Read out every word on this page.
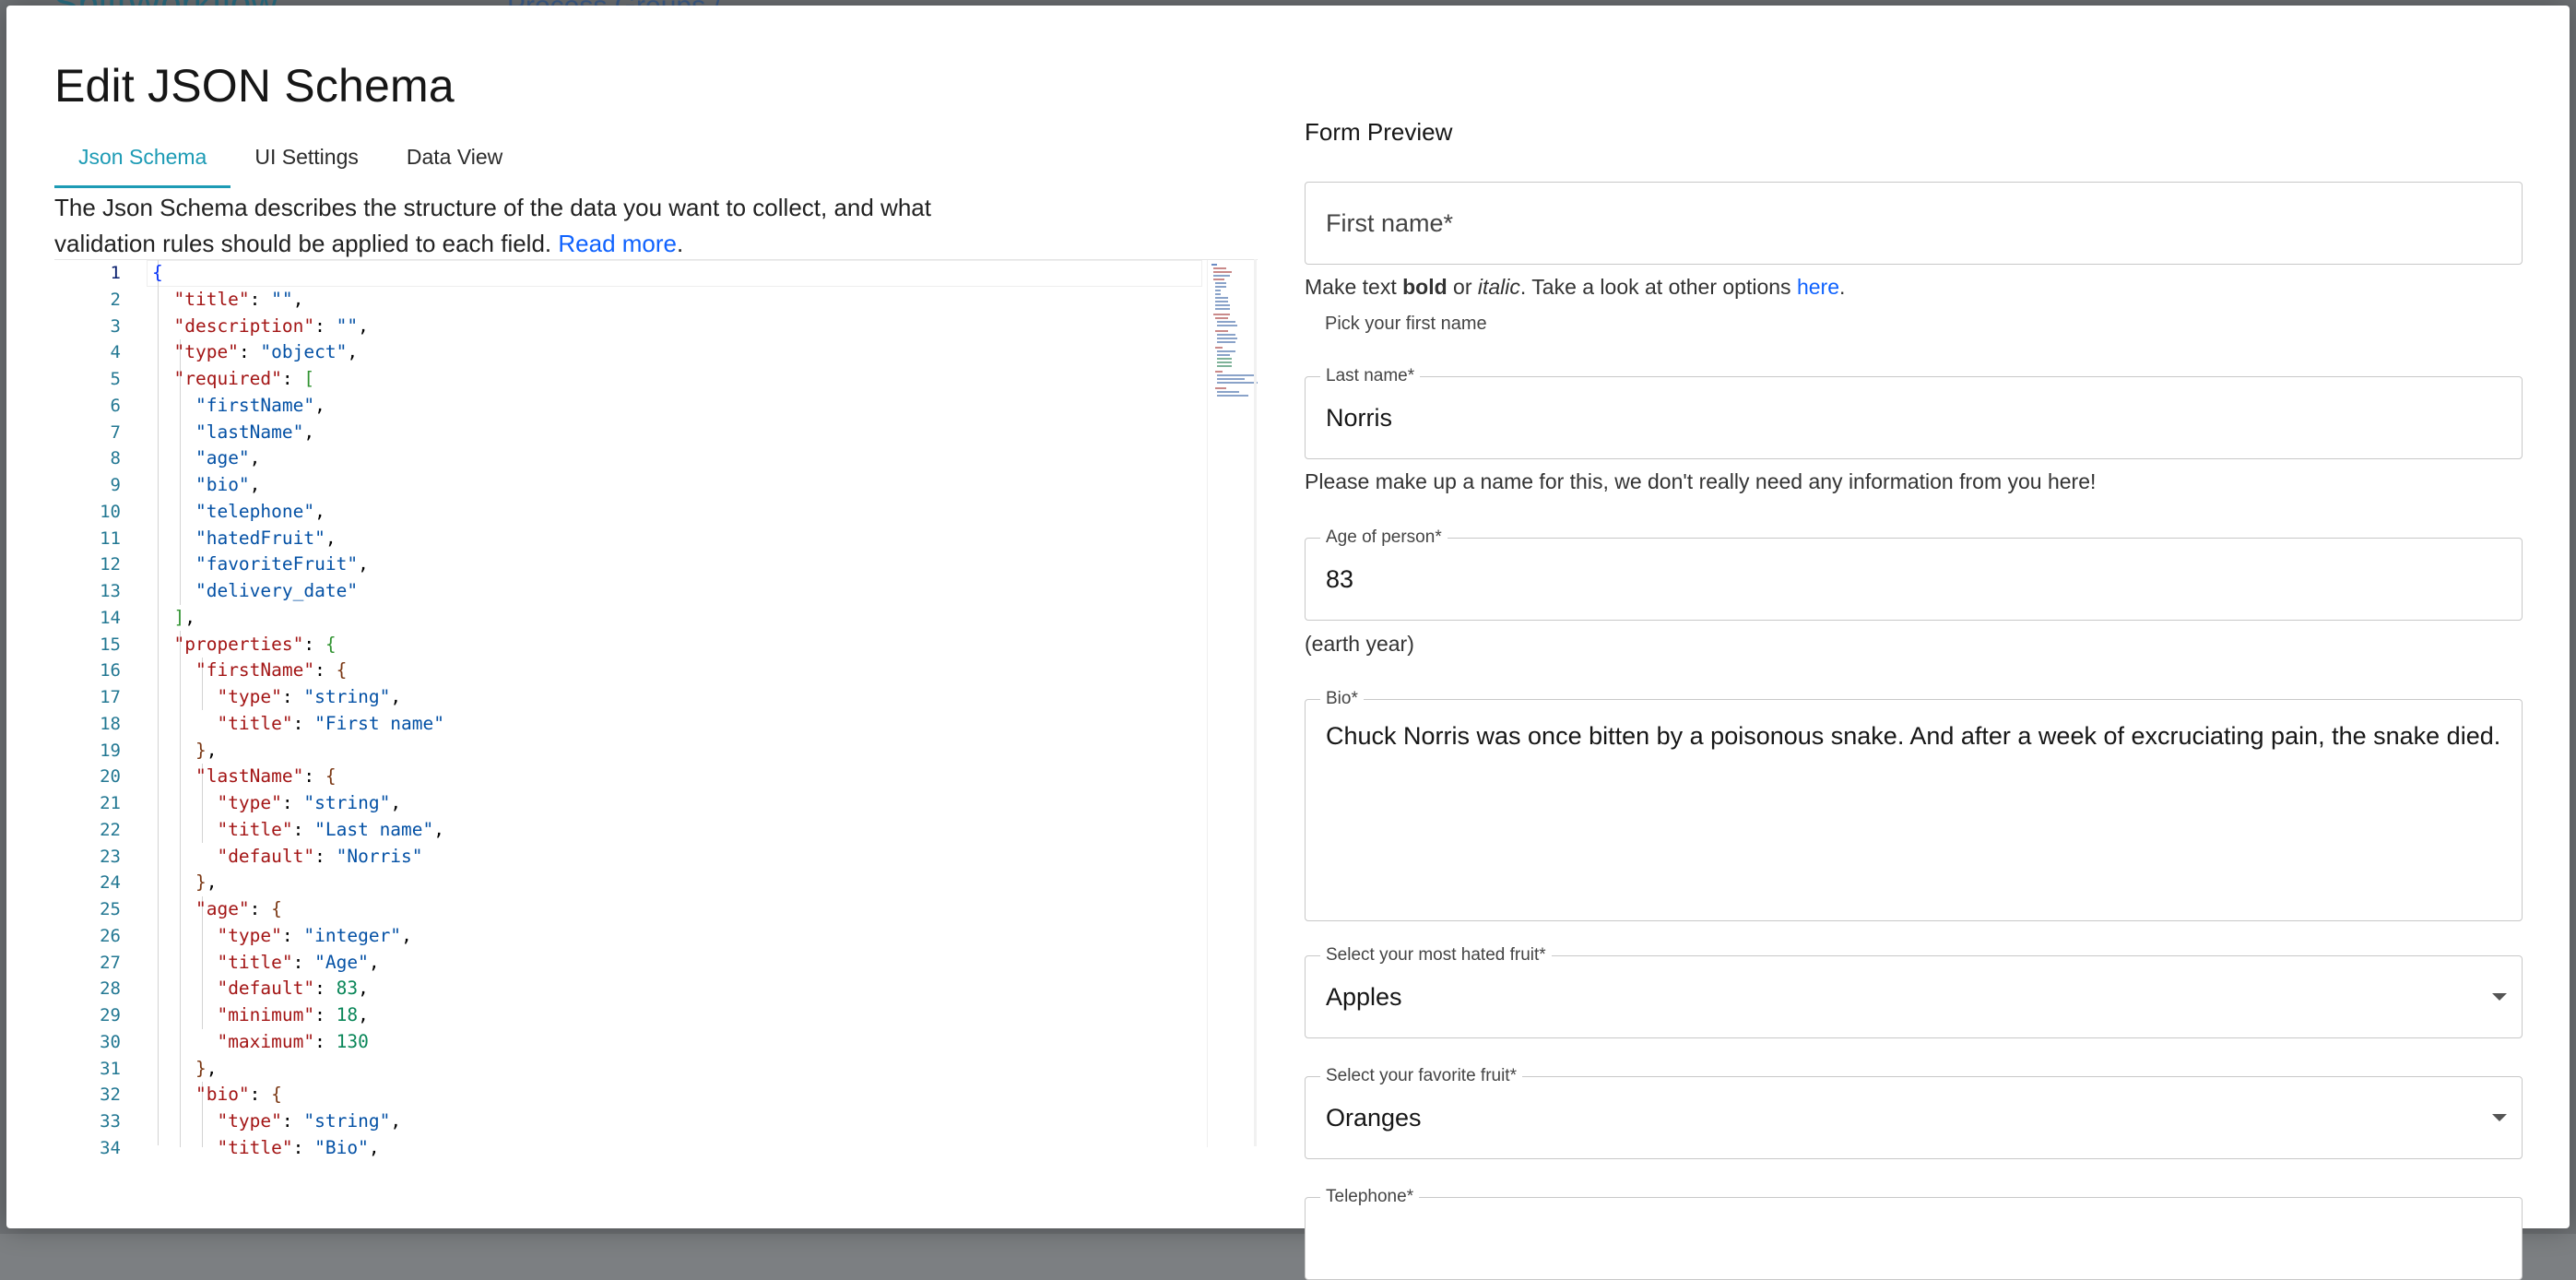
Edit JSON Schema
Json Schema	UI Settings	Data View

The Json Schema describes the structure of the data you want to collect, and what validation rules should be applied to each field. Read more.

1
2
3
4
5
6
7
8
9
10
11
12
13
14
15
16
17
18
19
20
21
22
23
24
25
26
27
28
29
30
31
32
33
34
{
"title": "",
"description": "",
"type": "object",
"required": [
"firstName",
"lastName",
"age",
"bio",
"telephone",
"hatedFruit",
"favoriteFruit",
"delivery_date"
],
"properties": {
"firstName": {
"type": "string",
"title": "First name"
},
"lastName": {
"type": "string",
"title": "Last name",
"default": "Norris"
},
"age": {
"type": "integer",
"title": "Age",
"default": 83,
"minimum": 18,
"maximum": 130
},
"bio": {
"type": "string",
"title": "Bio",
Form Preview
First name*
Make text bold or italic. Take a look at other options here.
Pick your first name
Last name*
Norris
Please make up a name for this, we don't really need any information from you here!
Age of person*
83
(earth year)
Bio*
Chuck Norris was once bitten by a poisonous snake. And after a week of excruciating pain, the snake died.
Select your most hated fruit*
Apples
Select your favorite fruit*
Oranges
Telephone*
